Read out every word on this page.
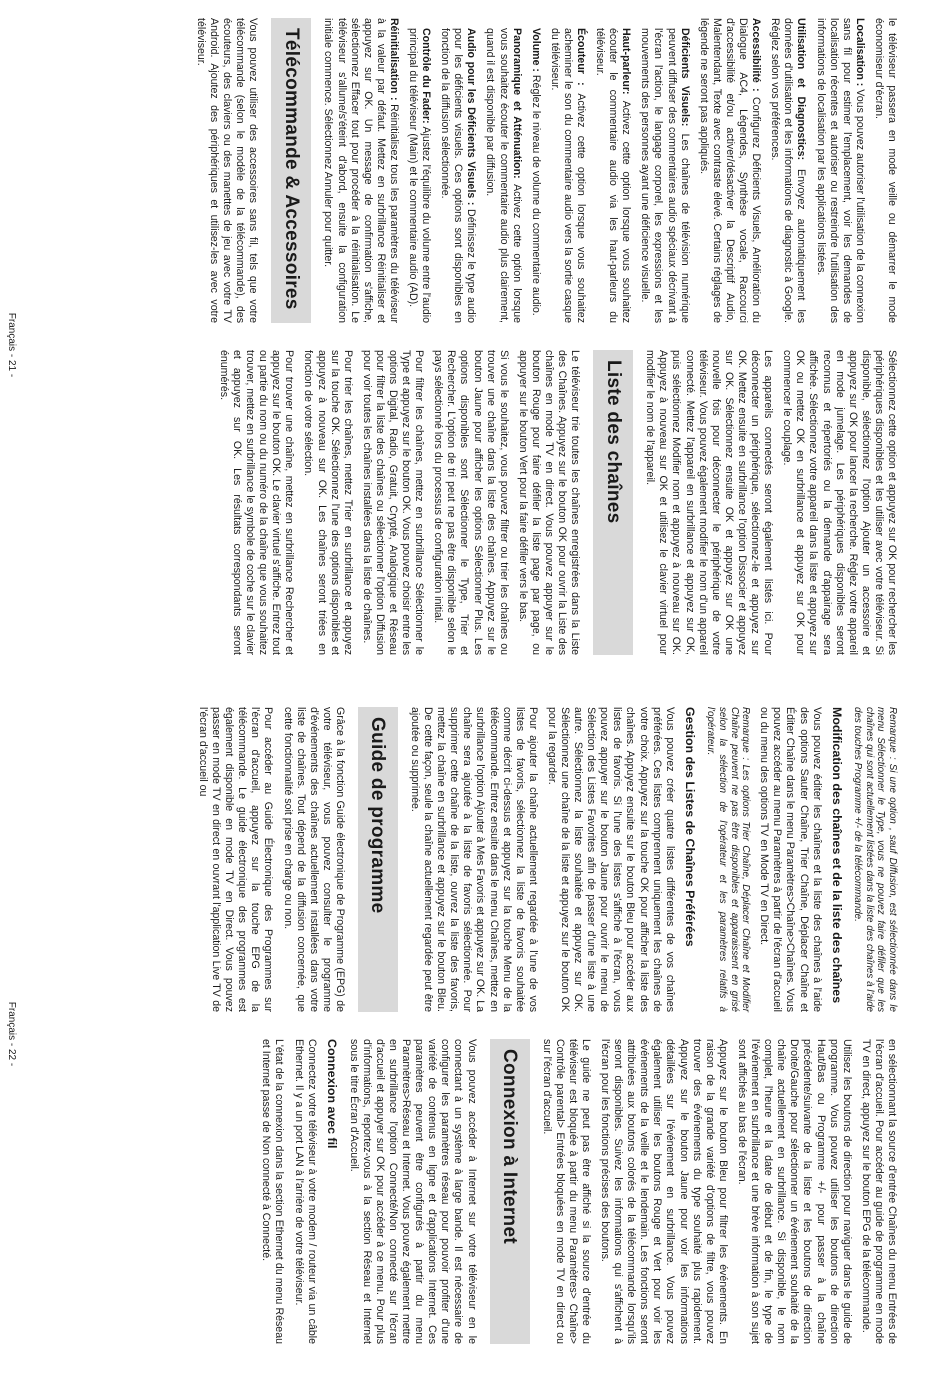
le téléviseur passera en mode veille ou démarrer le mode économiseur d'écran.

Localisation : Vous pouvez autoriser l'utilisation de la connexion sans fil pour estimer l'emplacement, voir les demandes de localisation récentes et autoriser ou restreindre l'utilisation des informations de localisation par les applications listées.

Utilisation et Diagnostics: Envoyez automatiquement les données d'utilisation et les informations de diagnostic à Google. Réglez selon vos préférences.

Accessibilité : Configurez Déficients Visuels, Amélioration du Dialogue AC4, Légendes, Synthèse vocale, Raccourci d'accessibilité et/ou activer/désactiver la Descriptif Audio, Malentendant, Texte avec contraste élevé. Certains réglages de légende ne seront pas appliqués.

Déficients Visuels: Les chaînes de télévision numérique peuvent diffuser des commentaires audio spéciaux décrivant à l'écran l'action, le langage corporel, les expressions et les mouvements des personnes ayant une déficience visuelle.

Haut-parleur: Activez cette option lorsque vous souhaitez écouter le commentaire audio via les haut-parleurs du téléviseur.

Écouteur : Activez cette option lorsque vous souhaitez acheminer le son du commentaire audio vers la sortie casque du téléviseur.

Volume : Réglez le niveau de volume du commentaire audio.

Panoramique et Atténuation: Activez cette option lorsque vous souhaitez écouter le commentaire audio plus clairement, quand il est disponible par diffusion.

Audio pour les Déficients Visuels : Définissez le type audio pour les déficients visuels. Ces options sont disponibles en fonction de la diffusion sélectionnée.

Contrôle du Fader: Ajustez l'équilibre du volume entre l'audio principal du téléviseur (Main) et le commentaire audio (AD).

Réinitialisation : Réinitialisez tous les paramètres du téléviseur à la valeur par défaut. Mettez en surbrillance Réinitialiser et appuyez sur OK. Un message de confirmation s'affiche, sélectionnez Effacer tout pour procéder à la réinitialisation. Le téléviseur s'allume/s'éteint d'abord, ensuite la configuration initiale commence. Sélectionnez Annuler pour quitter.

Télécommande & Accessoires

Vous pouvez utiliser des accessoires sans fil, tels que votre télécommande (selon le modèle de la télécommande), des écouteurs, des claviers ou des manettes de jeu avec votre TV Android. Ajoutez des périphériques et utilisez-les avec votre téléviseur.

Sélectionnez cette option et appuyez sur OK pour rechercher les périphériques disponibles et les utiliser avec votre téléviseur. Si disponible, sélectionnez l'option Ajouter un accessoire et appuyez sur OK pour lancer la recherche. Réglez votre appareil en mode jumelage. Les périphériques disponibles seront reconnus et répertoriés ou la demande d'appairage sera affichée. Sélectionnez votre appareil dans la liste et appuyez sur OK ou mettez OK en surbrillance et appuyez sur OK pour commencer le couplage.

Les appareils connectés seront également listés ici. Pour déconnecter un périphérique, sélectionnez-le et appuyez sur OK. Mettez ensuite en surbrillance l'option Dissocier et appuyez sur OK. Sélectionnez ensuite OK et appuyez sur OK une nouvelle fois pour déconnecter le périphérique de votre téléviseur. Vous pouvez également modifier le nom d'un appareil connecté. Mettez l'appareil en surbrillance et appuyez sur OK, puis sélectionnez Modifier nom et appuyez à nouveau sur OK. Appuyez à nouveau sur OK et utilisez le clavier virtuel pour modifier le nom de l'appareil.

Liste des chaînes

Le téléviseur trie toutes les chaînes enregistrées dans la Liste des Chaînes. Appuyez sur le bouton OK pour ouvrir la Liste des chaînes en mode TV en direct. Vous pouvez appuyer sur le bouton Rouge pour faire défiler la liste page par page, ou appuyer sur le bouton Vert pour la faire défiler vers le bas.

Si vous le souhaitez, vous pouvez filtrer ou trier les chaînes ou trouver une chaîne dans la liste des chaînes. Appuyez sur le bouton Jaune pour afficher les options Sélectionner Plus. Les options disponibles sont Sélectionner le Type, Trier et Rechercher. L'option de tri peut ne pas être disponible selon le pays sélectionné lors du processus de configuration initial.

Pour filtrer les chaînes, mettez en surbrillance Sélectionner le Type et appuyez sur le bouton OK. Vous pouvez choisir entre les options Digital, Radio, Gratuit, Crypté, Analogique et Réseau pour filtrer la liste des chaînes ou sélectionner l'option Diffusion pour voir toutes les chaînes installées dans la liste de chaînes.

Pour trier les chaînes, mettez Trier en surbrillance et appuyez sur la touche OK. Sélectionnez l'une des options disponibles et appuyez à nouveau sur OK. Les chaînes seront triées en fonction de votre sélection.

Pour trouver une chaîne, mettez en surbrillance Rechercher et appuyez sur le bouton OK. Le clavier virtuel s'affiche. Entrez tout ou partie du nom ou du numéro de la chaîne que vous souhaitez trouver, mettez en surbrillance le symbole de coche sur le clavier et appuyez sur OK. Les résultats correspondants seront énumérés.

Français - 21 -

Remarque : Si une option , sauf Diffusion, est sélectionnée dans le menu Sélectionner le Type, vous ne pouvez faire défiler que les chaînes qui sont actuellement listées dans la liste des chaînes à l'aide des touches Programme +/- de la télécommande.

Modification des chaînes et de la liste des chaînes

Vous pouvez éditer les chaînes et la liste des chaînes à l'aide des options Sauter Chaîne, Trier Chaîne, Déplacer Chaîne et Éditer Chaîne dans le menu Paramètres>Chaîne>Chaînes. Vous pouvez accéder au menu Paramètres à partir de l'écran d'accueil ou du menu des options TV en Mode TV en Direct.

Remarque : Les options Trier Chaîne, Déplacer Chaîne et Modifier Chaîne peuvent ne pas être disponibles et apparaissent en grisé selon la sélection de l'opérateur et les paramètres relatifs à l'opérateur.

Gestion des Listes de Chaînes Préférées

Vous pouvez créer quatre listes différentes de vos chaînes préférées. Ces listes comprennent uniquement les chaînes de votre choix. Appuyez sur la touche OK pour afficher la liste des chaînes. Appuyez ensuite sur le bouton Bleu pour accéder aux listes de favoris. Si l'une des listes s'affiche à l'écran, vous pouvez appuyer sur le bouton Jaune pour ouvrir le menu de Sélection des Listes Favorites afin de passer d'une liste à une autre. Sélectionnez la liste souhaitée et appuyez sur OK. Sélectionnez une chaîne de la liste et appuyez sur le bouton OK pour la regarder.

Pour ajouter la chaîne actuellement regardée à l'une de vos listes de favoris, sélectionnez la liste de favoris souhaitée comme décrit ci-dessus et appuyez sur la touche Menu de la télécommande. Entrez ensuite dans le menu Chaînes, mettez en surbrillance l'option Ajouter à Mes Favoris et appuyez sur OK. La chaîne sera ajoutée à la liste de favoris sélectionnée. Pour supprimer cette chaîne de la liste, ouvrez la liste des favoris, mettez la chaîne en surbrillance et appuyez sur le bouton Bleu. De cette façon, seule la chaîne actuellement regardée peut être ajoutée ou supprimée.

Guide de programme

Grâce à la fonction Guide électronique de Programme (EPG) de votre téléviseur, vous pouvez consulter le programme d'événements des chaînes actuellement installées dans votre liste de chaînes. Tout dépend de la diffusion concernée, que cette fonctionnalité soit prise en charge ou non.

Pour accéder au Guide Électronique des Programmes sur l'écran d'accueil, appuyez sur la touche EPG de la télécommande. Le guide électronique des programmes est également disponible en mode TV en Direct. Vous pouvez passer en mode TV en direct en ouvrant l'application Live TV de l'écran d'accueil ou

en sélectionnant la source d'entrée Chaînes du menu Entrées de l'écran d'accueil. Pour accéder au guide de programme en mode TV en direct, appuyez sur le bouton EPG de la télécommande.

Utilisez les boutons de direction pour naviguer dans le guide de programme. Vous pouvez utiliser les boutons de direction Haut/Bas ou Programme +/- pour passer à la chaîne précédente/suivante de la liste et les boutons de direction Droite/Gauche pour sélectionner un événement souhaité de la chaîne actuellement en surbrillance. Si disponible, le nom complet, l'heure et la date de début et de fin, le type de l'événement en surbrillance et une brève information à son sujet sont affichés au bas de l'écran.

Appuyez sur le bouton Bleu pour filtrer les événements. En raison de la grande variété d'options de filtre, vous pouvez trouver des événements du type souhaité plus rapidement. Appuyez sur le bouton Jaune pour voir les informations détaillées sur l'événement en surbrillance. Vous pouvez également utiliser les boutons Rouge et Vert pour voir les événements de la veille et le lendemain. Les fonctions seront attribuées aux boutons colorés de la télécommande lorsqu'ils seront disponibles. Suivez les informations qui s'affichent à l'écran pour les fonctions précises des boutons.

Le guide ne peut pas être affiché si la source d'entrée du téléviseur est bloquée à partir du menu Paramètres> Chaîne> Contrôle parental> Entrées bloquées en mode TV en direct ou sur l'écran d'accueil.

Connexion à Internet

Vous pouvez accéder à Internet sur votre téléviseur en le connectant à un système à large bande. Il est nécessaire de configurer les paramètres réseau pour pouvoir profiter d'une variété de contenus en ligne et d'applications Internet. Ces paramètres peuvent être configurés à partir du menu Paramètres>Réseau et Internet. Vous pouvez également mettre en surbrillance l'option Connecté/Non connecté sur l'écran d'accueil et appuyer sur OK pour accéder à ce menu. Pour plus d'informations, reportez-vous à la section Réseau et Internet sous le titre Écran d'Accueil.

Connexion avec fil

Connectez votre téléviseur à votre modem / routeur via un câble Ethernet. Il y a un port LAN à l'arrière de votre téléviseur.

L'état de la connexion dans la section Ethernet du menu Réseau et Internet passe de Non connecté à Connecté.

Français - 22 -
